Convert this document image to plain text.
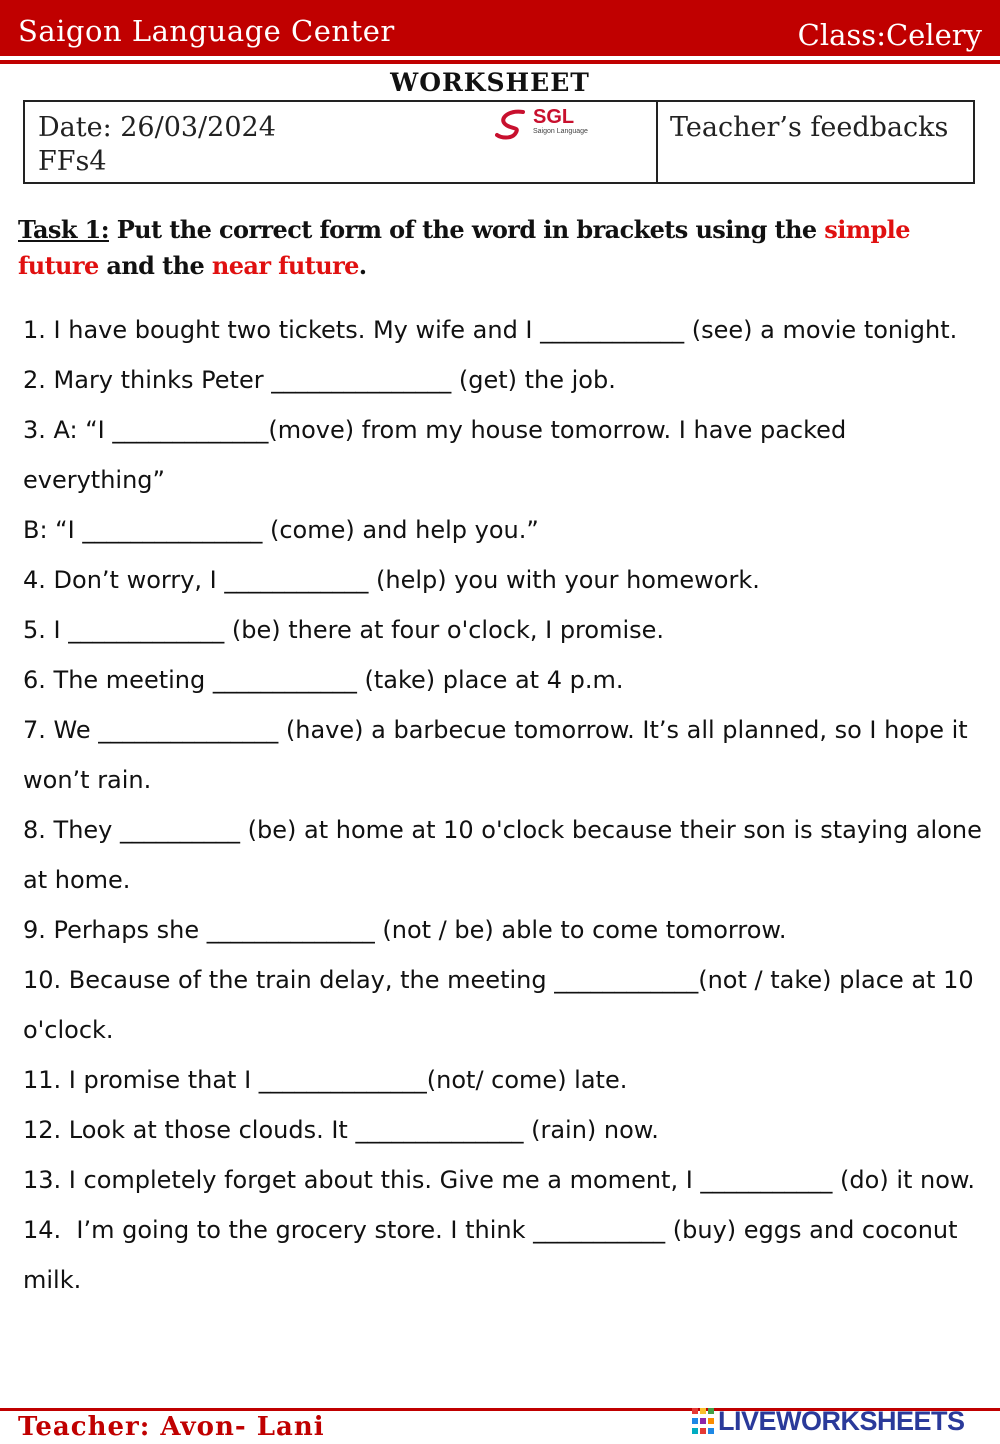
Saigon Language Center	Class:Celery
WORKSHEET
Date: 26/03/2024
FFs4
SGL
Saigon Language	Teacher’s feedbacks
Task 1: Put the correct form of the word in brackets using the simple future and the near future.

1. I have bought two tickets. My wife and I ____________ (see) a movie tonight.

2. Mary thinks Peter _______________ (get) the job.

3. A: “I _____________(move) from my house tomorrow. I have packed everything”

B: “I _______________ (come) and help you.”

4. Don’t worry, I ____________ (help) you with your homework.

5. I _____________ (be) there at four o'clock, I promise.

6. The meeting ____________ (take) place at 4 p.m.

7. We _______________ (have) a barbecue tomorrow. It’s all planned, so I hope it won’t rain.

8. They __________ (be) at home at 10 o'clock because their son is staying alone at home.

9. Perhaps she ______________ (not / be) able to come tomorrow.

10. Because of the train delay, the meeting ____________(not / take) place at 10 o'clock.

11. I promise that I ______________(not/ come) late.

12. Look at those clouds. It ______________ (rain) now.

13. I completely forget about this. Give me a moment, I ___________ (do) it now.

14.  I’m going to the grocery store. I think ___________ (buy) eggs and coconut milk.

Teacher: Avon- Lani	LIVEWORKSHEETS
